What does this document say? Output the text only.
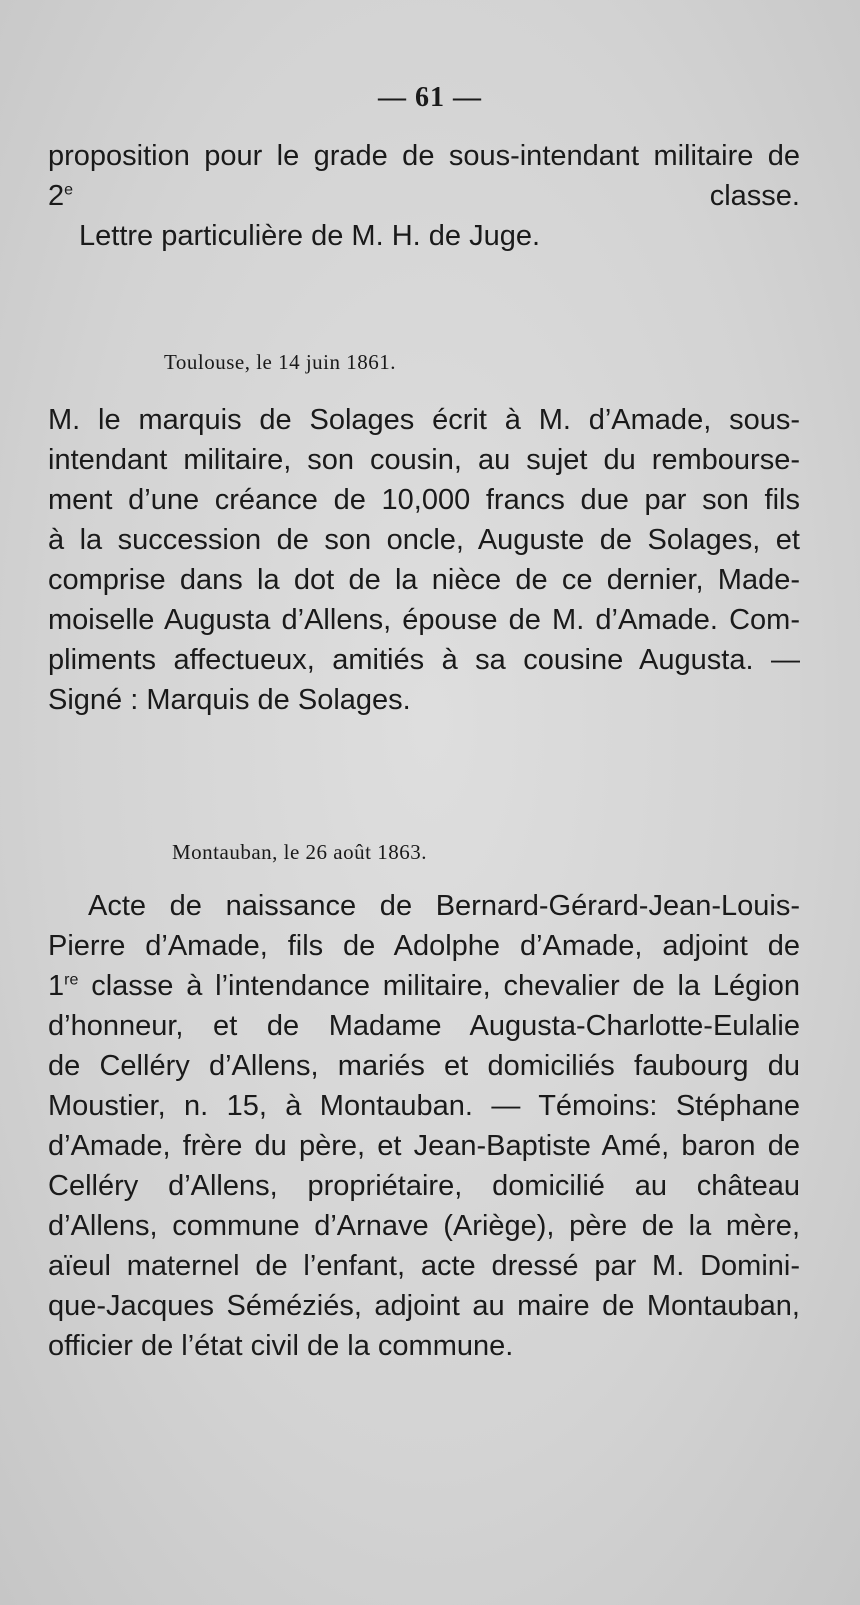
— 61 —
proposition pour le grade de sous-intendant militaire de
2e classe.
Lettre particulière de M. H. de Juge.
Toulouse, le 14 juin 1861.
M. le marquis de Solages écrit à M. d’Amade, sous-
intendant militaire, son cousin, au sujet du rembourse-
ment d’une créance de 10,000 francs due par son fils
à la succession de son oncle, Auguste de Solages, et
comprise dans la dot de la nièce de ce dernier, Made-
moiselle Augusta d’Allens, épouse de M. d’Amade. Com-
pliments affectueux, amitiés à sa cousine Augusta. —
Signé : Marquis de Solages.
Montauban, le 26 août 1863.
Acte de naissance de Bernard-Gérard-Jean-Louis-
Pierre d’Amade, fils de Adolphe d’Amade, adjoint de
1re classe à l’intendance militaire, chevalier de la Légion
d’honneur, et de Madame Augusta-Charlotte-Eulalie
de Celléry d’Allens, mariés et domiciliés faubourg du
Moustier, n. 15, à Montauban. — Témoins: Stéphane
d’Amade, frère du père, et Jean-Baptiste Amé, baron de
Celléry d’Allens, propriétaire, domicilié au château
d’Allens, commune d’Arnave (Ariège), père de la mère,
aïeul maternel de l’enfant, acte dressé par M. Domini-
que-Jacques Séméziés, adjoint au maire de Montauban,
officier de l’état civil de la commune.
